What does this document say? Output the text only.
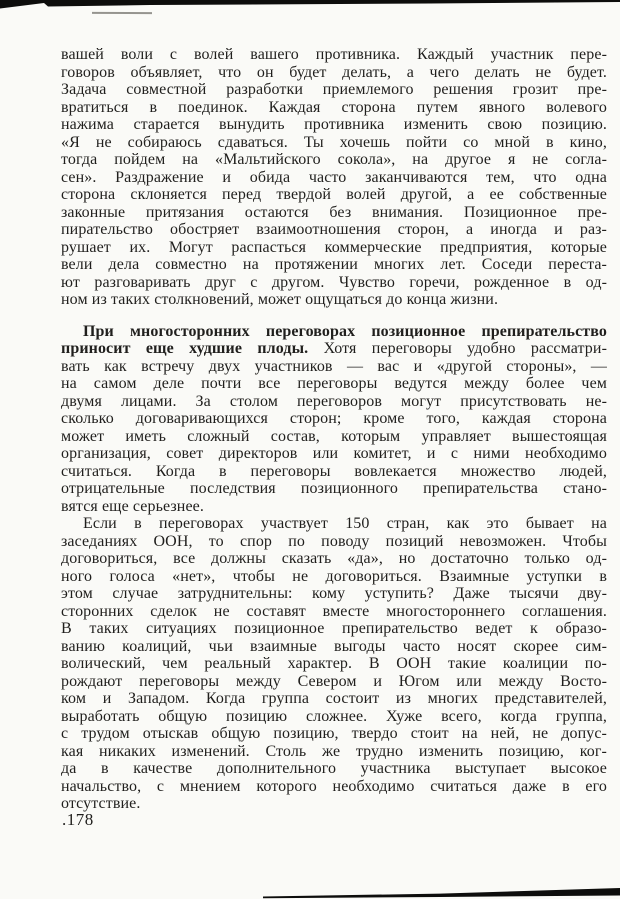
вашей воли с волей вашего противника. Каждый участник пере-
говоров объявляет, что он будет делать, а чего делать не будет.
Задача совместной разработки приемлемого решения грозит пре-
вратиться в поединок. Каждая сторона путем явного волевого
нажима старается вынудить противника изменить свою позицию.
«Я не собираюсь сдаваться. Ты хочешь пойти со мной в кино,
тогда пойдем на «Мальтийского сокола», на другое я не согла-
сен». Раздражение и обида часто заканчиваются тем, что одна
сторона склоняется перед твердой волей другой, а ее собственные
законные притязания остаются без внимания. Позиционное пре-
пирательство обостряет взаимоотношения сторон, а иногда и раз-
рушает их. Могут распасться коммерческие предприятия, которые
вели дела совместно на протяжении многих лет. Соседи переста-
ют разговаривать друг с другом. Чувство горечи, рожденное в од-
ном из таких столкновений, может ощущаться до конца жизни.
При многосторонних переговорах позиционное препирательство
приносит еще худшие плоды. Хотя переговоры удобно рассматри-
вать как встречу двух участников — вас и «другой стороны», —
на самом деле почти все переговоры ведутся между более чем
двумя лицами. За столом переговоров могут присутствовать не-
сколько договаривающихся сторон; кроме того, каждая сторона
может иметь сложный состав, которым управляет вышестоящая
организация, совет директоров или комитет, и с ними необходимо
считаться. Когда в переговоры вовлекается множество людей,
отрицательные последствия позиционного препирательства стано-
вятся еще серьезнее.
Если в переговорах участвует 150 стран, как это бывает на
заседаниях ООН, то спор по поводу позиций невозможен. Чтобы
договориться, все должны сказать «да», но достаточно только од-
ного голоса «нет», чтобы не договориться. Взаимные уступки в
этом случае затруднительны: кому уступить? Даже тысячи дву-
сторонних сделок не составят вместе многостороннего соглашения.
В таких ситуациях позиционное препирательство ведет к образо-
ванию коалиций, чьи взаимные выгоды часто носят скорее сим-
волический, чем реальный характер. В ООН такие коалиции по-
рождают переговоры между Севером и Югом или между Восто-
ком и Западом. Когда группа состоит из многих представителей,
выработать общую позицию сложнее. Хуже всего, когда группа,
с трудом отыскав общую позицию, твердо стоит на ней, не допус-
кая никаких изменений. Столь же трудно изменить позицию, ког-
да в качестве дополнительного участника выступает высокое
начальство, с мнением которого необходимо считаться даже в его
отсутствие.
.178
